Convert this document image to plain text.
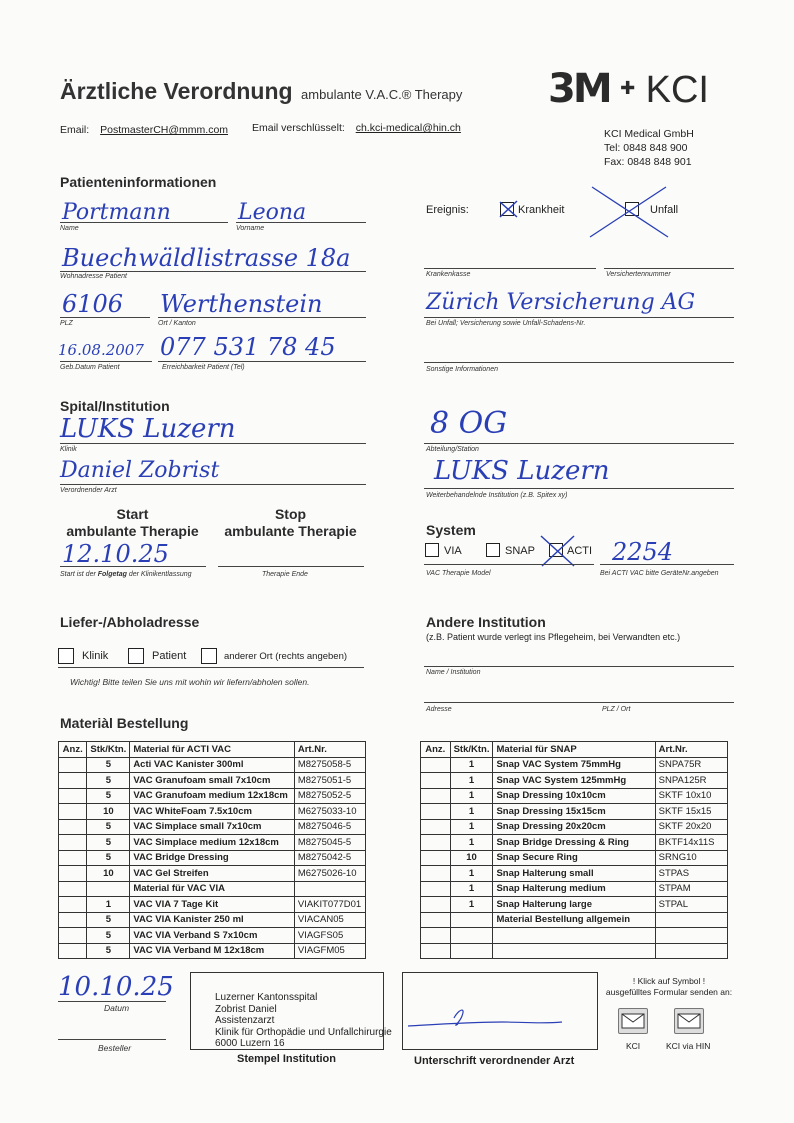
Ärztliche Verordnung ambulante V.A.C.® Therapy
Email: PostmasterCH@mmm.com Email verschlüsselt: ch.kci-medical@hin.ch
3M ✚ KCI
KCI Medical GmbH
Tel: 0848 848 900
Fax: 0848 848 901
Patienteninformationen
Portmann	Leona
Name	Vorname
Buechwäldlistrasse 18a
Wohnadresse Patient
6106 Werthenstein
PLZ	Ort / Kanton
16.08.2007 077 531 78 45
Geb.Datum Patient	Erreichbarkeit Patient (Tel)
Ereignis:	Krankheit	Unfall
Krankenkasse	Versichertennummer
Zürich Versicherung AG
Bei Unfall; Versicherung sowie Unfall-Schadens-Nr.
Sonstige Informationen
Spital/Institution
LUKS Luzern
Klinik
Daniel Zobrist
Verordnender Arzt
8 OG
Abteilung/Station
LUKS Luzern
Weiterbehandelnde Institution (z.B. Spitex xy)
Start
ambulante Therapie
Stop
ambulante Therapie
12.10.25
Start ist der Folgetag der Klinikentlassung	Therapie Ende
System
VIA	SNAP	ACTI 2254
VAC Therapie Model	Bei ACTI VAC bitte GeräteNr.angeben
Liefer-/Abholadresse
Klinik	Patient	anderer Ort (rechts angeben)
Wichtig! Bitte teilen Sie uns mit wohin wir liefern/abholen sollen.
Andere Institution
(z.B. Patient wurde verlegt ins Pflegeheim, bei Verwandten etc.)
Name / Institution
Adresse	PLZ / Ort
Materiàl Bestellung
Anz.	Stk/Ktn.	Material für ACTI VAC	Art.Nr.
	5	Acti VAC Kanister 300ml	M8275058-5
	5	VAC Granufoam small 7x10cm	M8275051-5
	5	VAC Granufoam medium 12x18cm	M8275052-5
	10	VAC WhiteFoam 7.5x10cm	M6275033-10
	5	VAC Simplace small 7x10cm	M8275046-5
	5	VAC Simplace medium 12x18cm	M8275045-5
	5	VAC Bridge Dressing	M8275042-5
	10	VAC Gel Streifen	M6275026-10
		Material für VAC VIA	
	1	VAC VIA 7 Tage Kit	VIAKIT077D01
	5	VAC VIA Kanister 250 ml	VIACAN05
	5	VAC VIA Verband S 7x10cm	VIAGFS05
	5	VAC VIA Verband M 12x18cm	VIAGFM05
Anz.	Stk/Ktn.	Material für SNAP	Art.Nr.
	1	Snap VAC System 75mmHg	SNPA75R
	1	Snap VAC System 125mmHg	SNPA125R
	1	Snap Dressing 10x10cm	SKTF 10x10
	1	Snap Dressing 15x15cm	SKTF 15x15
	1	Snap Dressing 20x20cm	SKTF 20x20
	1	Snap Bridge Dressing & Ring	BKTF14x11S
	10	Snap Secure Ring	SRNG10
	1	Snap Halterung small	STPAS
	1	Snap Halterung medium	STPAM
	1	Snap Halterung large	STPAL
		Material Bestellung allgemein	

10.10.25
Datum
Besteller
Luzerner Kantonsspital
Zobrist Daniel
Assistenzarzt
Klinik für Orthopädie und Unfallchirurgie
6000 Luzern 16
Stempel Institution	Unterschrift verordnender Arzt
! Klick auf Symbol !
ausgefülltes Formular senden an:
KCI	KCI via HIN
